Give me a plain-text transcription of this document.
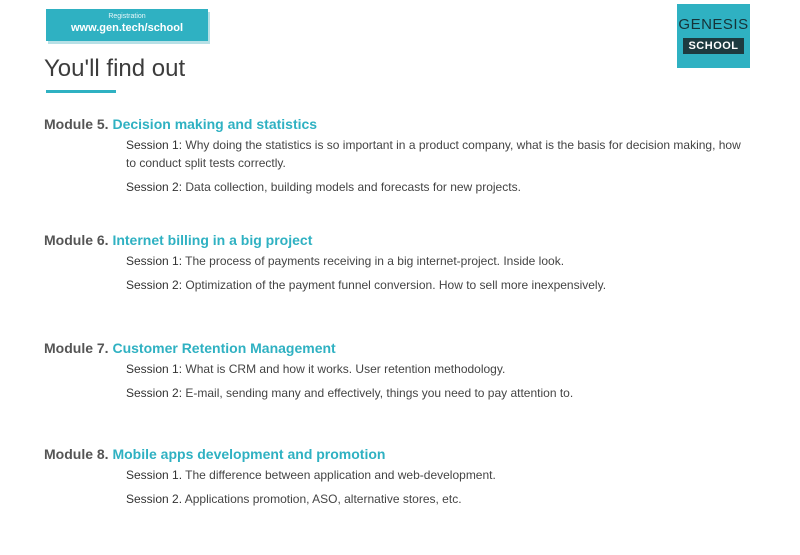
Registration
www.gen.tech/school	GENESIS
SCHOOL
You'll find out
Module 5. Decision making and statistics
Session 1: Why doing the statistics is so important in a product company, what is the basis for decision making, how to conduct split tests correctly.
Session 2: Data collection, building models and forecasts for new projects.
Module 6. Internet billing in a big project
Session 1: The process of payments receiving in a big internet-project. Inside look.
Session 2: Optimization of the payment funnel conversion. How to sell more inexpensively.
Module 7. Customer Retention Management
Session 1: What is CRM and how it works. User retention methodology.
Session 2: E-mail, sending many and effectively, things you need to pay attention to.
Module 8. Mobile apps development and promotion
Session 1. The difference between application and web-development.
Session 2. Applications promotion, ASO, alternative stores, etc.
